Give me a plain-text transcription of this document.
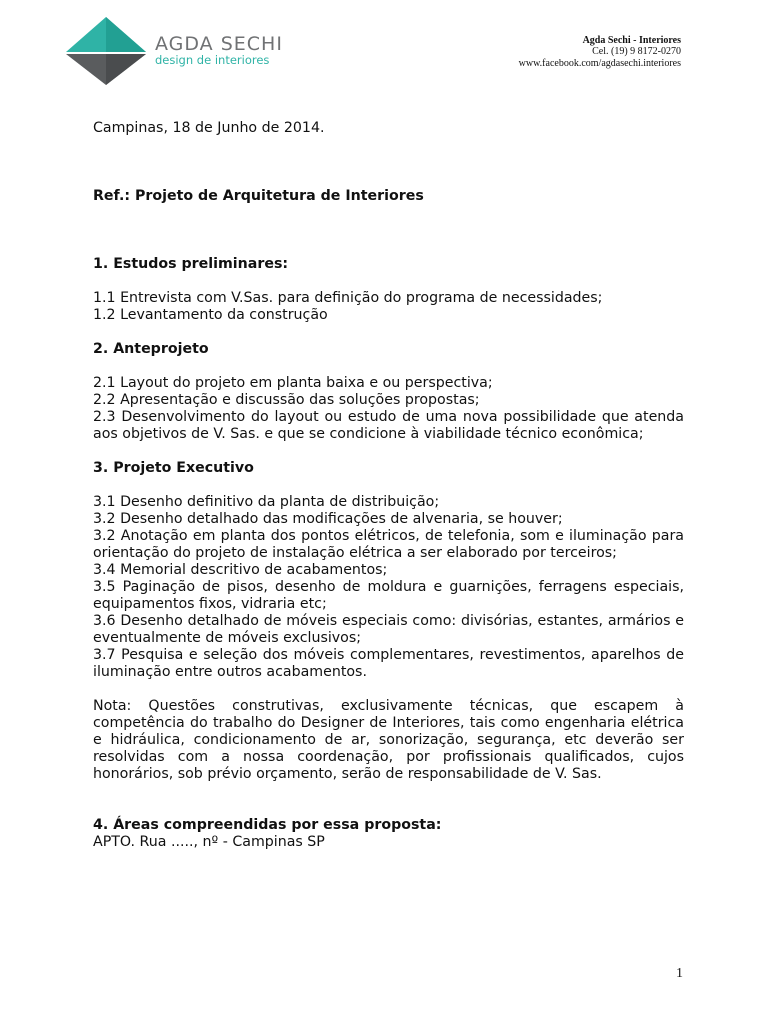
AGDA SECHI
design de interiores
Agda Sechi - Interiores
Cel. (19) 9 8172-0270
www.facebook.com/agdasechi.interiores

Campinas, 18 de Junho de 2014.

Ref.: Projeto de Arquitetura de Interiores

1. Estudos preliminares:

1.1 Entrevista com V.Sas. para definição do programa de necessidades;

1.2 Levantamento da construção

2. Anteprojeto

2.1 Layout do projeto em planta baixa e ou perspectiva;

2.2 Apresentação e discussão das soluções propostas;

2.3 Desenvolvimento do layout ou estudo de uma nova possibilidade que atenda aos objetivos de V. Sas. e que se condicione à viabilidade técnico econômica;

3. Projeto Executivo

3.1 Desenho definitivo da planta de distribuição;

3.2 Desenho detalhado das modificações de alvenaria, se houver;

3.2 Anotação em planta dos pontos elétricos, de telefonia, som e iluminação para orientação do projeto de instalação elétrica a ser elaborado por terceiros;

3.4 Memorial descritivo de acabamentos;

3.5 Paginação de pisos, desenho de moldura e guarnições, ferragens especiais, equipamentos fixos, vidraria etc;

3.6 Desenho detalhado de móveis especiais como: divisórias, estantes, armários e eventualmente de móveis exclusivos;

3.7 Pesquisa e seleção dos móveis complementares, revestimentos, aparelhos de iluminação entre outros acabamentos.

Nota: Questões construtivas, exclusivamente técnicas, que escapem à competência do trabalho do Designer de Interiores, tais como engenharia elétrica e hidráulica, condicionamento de ar, sonorização, segurança, etc deverão ser resolvidas com a nossa coordenação, por profissionais qualificados, cujos honorários, sob prévio orçamento, serão de responsabilidade de V. Sas.

4. Áreas compreendidas por essa proposta:

APTO. Rua ....., nº - Campinas SP

1
